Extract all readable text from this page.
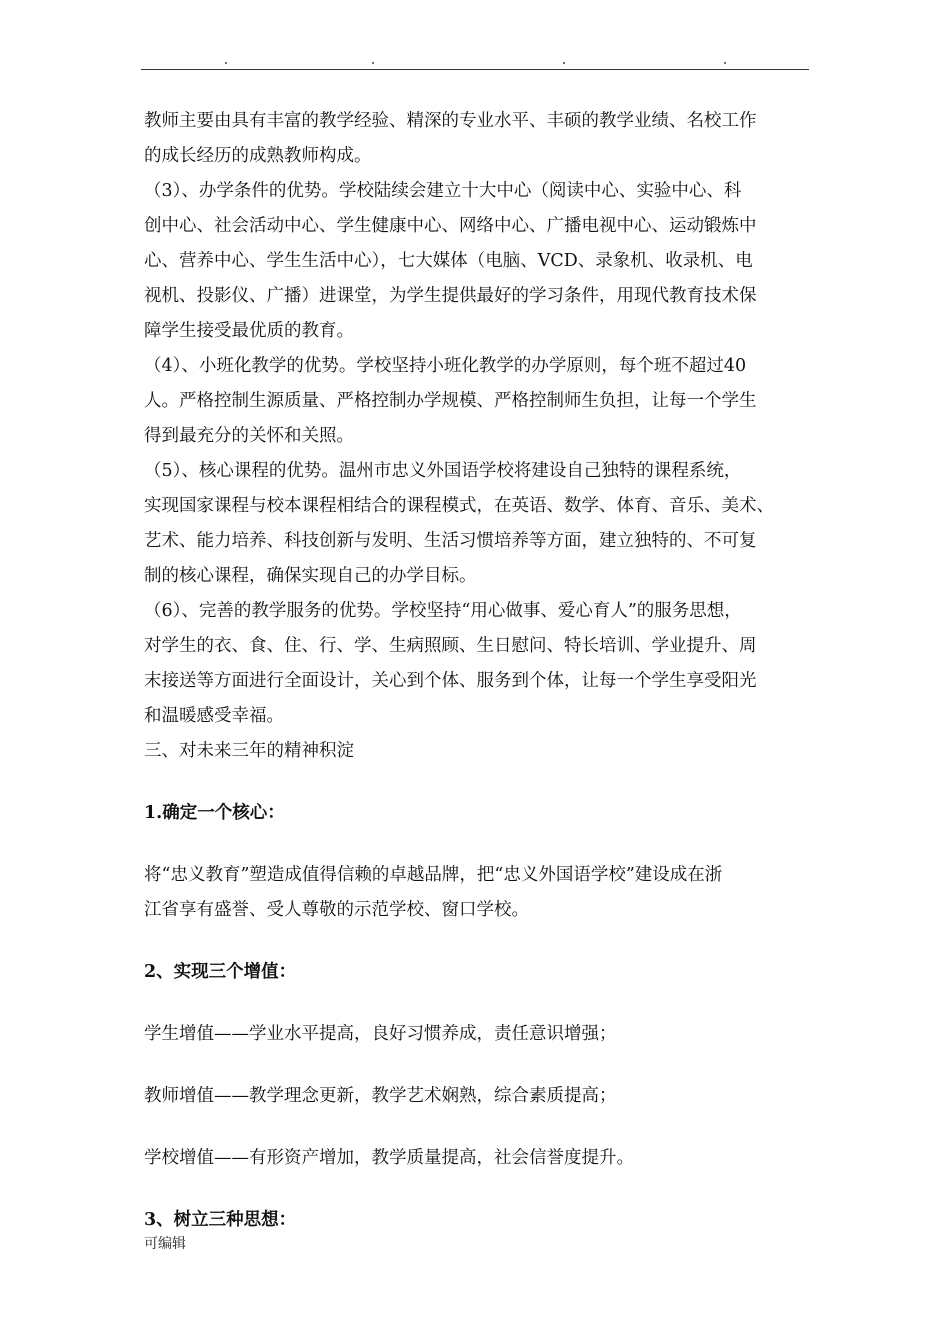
教师主要由具有丰富的教学经验、精深的专业水平、丰硕的教学业绩、名校工作
的成长经历的成熟教师构成。
（3）、办学条件的优势。学校陆续会建立十大中心（阅读中心、实验中心、科
创中心、社会活动中心、学生健康中心、网络中心、广播电视中心、运动锻炼中
心、营养中心、学生生活中心），七大媒体（电脑、VCD、录象机、收录机、电
视机、投影仪、广播）进课堂，为学生提供最好的学习条件，用现代教育技术保
障学生接受最优质的教育。
（4）、小班化教学的优势。学校坚持小班化教学的办学原则，每个班不超过40
人。严格控制生源质量、严格控制办学规模、严格控制师生负担，让每一个学生
得到最充分的关怀和关照。
（5）、核心课程的优势。温州市忠义外国语学校将建设自己独特的课程系统，
实现国家课程与校本课程相结合的课程模式，在英语、数学、体育、音乐、美术、
艺术、能力培养、科技创新与发明、生活习惯培养等方面，建立独特的、不可复
制的核心课程，确保实现自己的办学目标。
（6）、完善的教学服务的优势。学校坚持“用心做事、爱心育人”的服务思想，
对学生的衣、食、住、行、学、生病照顾、生日慰问、特长培训、学业提升、周
末接送等方面进行全面设计，关心到个体、服务到个体，让每一个学生享受阳光
和温暖感受幸福。
三、对未来三年的精神积淀
1.确定一个核心：
将“忠义教育”塑造成值得信赖的卓越品牌，把“忠义外国语学校”建设成在浙
江省享有盛誉、受人尊敬的示范学校、窗口学校。
2、实现三个增值：
学生增值——学业水平提高，良好习惯养成，责任意识增强；
教师增值——教学理念更新，教学艺术娴熟，综合素质提高；
学校增值——有形资产增加，教学质量提高，社会信誉度提升。
3、树立三种思想：
可编辑
